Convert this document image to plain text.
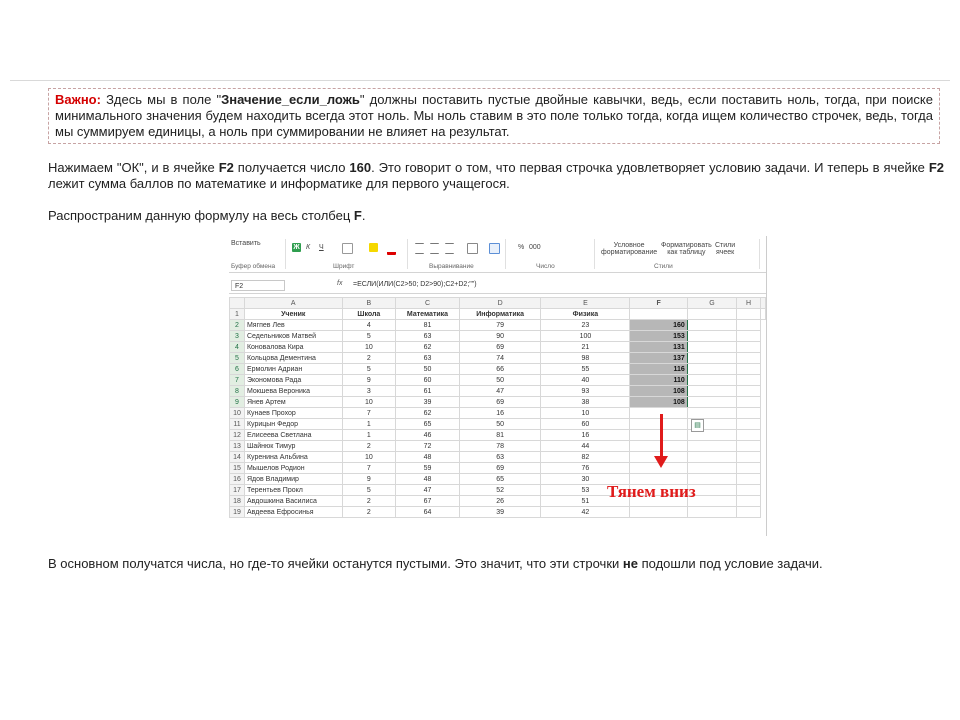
Важно: Здесь мы в поле "Значение_если_ложь" должны поставить пустые двойные кавычки, ведь, если поставить ноль, тогда, при поиске минимального значения будем находить всегда этот ноль. Мы ноль ставим в это поле только тогда, когда ищем количество строчек, ведь, тогда мы суммируем единицы, а ноль при суммировании не влияет на результат.
Нажимаем "ОК", и в ячейке F2 получается число 160. Это говорит о том, что первая строчка удовлетворяет условию задачи. И теперь в ячейке F2 лежит сумма баллов по математике и информатике для первого учащегося.
Распространим данную формулу на весь столбец F.
Вставить
Ж К Ч	% 000	Условное
форматирование
Форматировать
как таблицу
Стили
ячеек
Буфер обмена	Шрифт	Выравнивание	Число	Стили
F2	fx =ЕСЛИ(ИЛИ(C2>50; D2>90);C2+D2;"")
	A	B	C	D	E	F	G	H	
1	Ученик	Школа	Математика	Информатика	Физика				
2	Мягпев Лев	4	81	79	23	160			
3	Седельников Матвей	5	63	90	100	153			
4	Коновалова Кира	10	62	69	21	131			
5	Кольцова Дементина	2	63	74	98	137			
6	Ермолин Адриан	5	50	66	55	116			
7	Экономова Рада	9	60	50	40	110			
8	Мокшева Вероника	3	61	47	93	108			
9	Янев Артем	10	39	69	38	108			
10	Кунаев Прохор	7	62	16	10				
11	Курицын Федор	1	65	50	60				
12	Елисеева Светлана	1	46	81	16				
13	Шайнюк Тимур	2	72	78	44				
14	Куренина Альбина	10	48	63	82				
15	Мышелов Родион	7	59	69	76				
16	Ядов Владимир	9	48	65	30				
17	Терентьев Прокл	5	47	52	53				
18	Авдошкина Василиса	2	67	26	51				
19	Авдеева Ефросинья	2	64	39	42				
▤
Тянем вниз
В основном получатся числа, но где-то ячейки останутся пустыми. Это значит, что эти строчки не подошли под условие задачи.
